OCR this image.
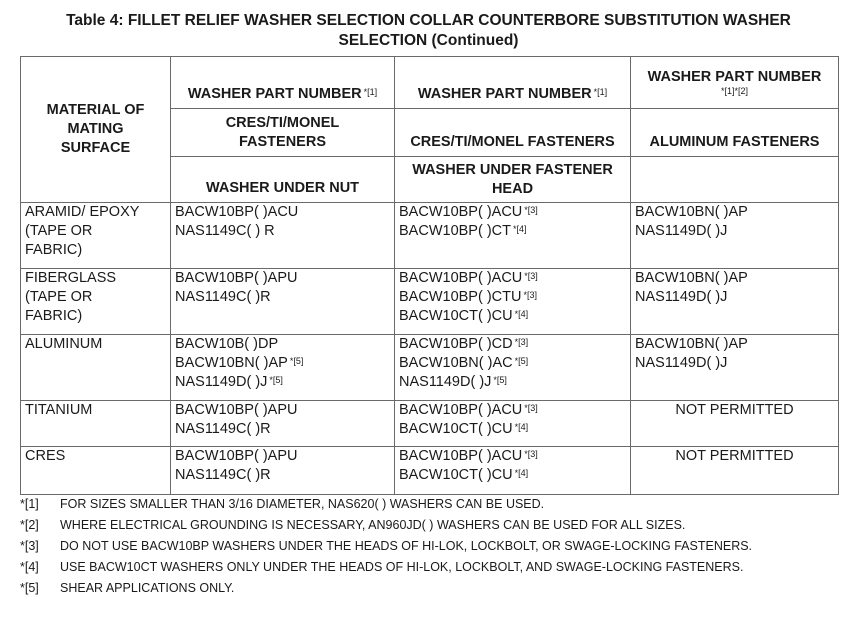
Table 4: FILLET RELIEF WASHER SELECTION COLLAR COUNTERBORE SUBSTITUTION WASHER
SELECTION (Continued)
MATERIAL OF
MATING
SURFACE	WASHER PART NUMBER $^{*[1]}$	WASHER PART NUMBER $^{*[1]}$	WASHER PART NUMBER
*[1]*[2]

	CRES/TI/MONEL
FASTENERS	CRES/TI/MONEL FASTENERS	ALUMINUM FASTENERS
	WASHER UNDER NUT	WASHER UNDER FASTENER
HEAD	

ARAMID/ EPOXY
(TAPE OR
FABRIC)	BACW10BP( )ACU
NAS1149C( ) R	BACW10BP( )ACU $^{*[3]}$
BACW10BP( )CT $^{*[4]}$	BACW10BN( )AP
NAS1149D( )J

FIBERGLASS
(TAPE OR
FABRIC)	BACW10BP( )APU
NAS1149C( )R	BACW10BP( )ACU $^{*[3]}$
BACW10BP( )CTU $^{*[3]}$
BACW10CT( )CU $^{*[4]}$	BACW10BN( )AP
NAS1149D( )J

ALUMINUM	BACW10B( )DP
BACW10BN( )AP $^{*[5]}$
NAS1149D( )J $^{*[5]}$	BACW10BP( )CD $^{*[3]}$
BACW10BN( )AC $^{*[5]}$
NAS1149D( )J $^{*[5]}$	BACW10BN( )AP
NAS1149D( )J

TITANIUM	BACW10BP( )APU
NAS1149C( )R	BACW10BP( )ACU $^{*[3]}$
BACW10CT( )CU $^{*[4]}$	NOT PERMITTED

CRES	BACW10BP( )APU
NAS1149C( )R	BACW10BP( )ACU $^{*[3]}$
BACW10CT( )CU $^{*[4]}$	NOT PERMITTED
*[1]	FOR SIZES SMALLER THAN 3/16 DIAMETER, NAS620( ) WASHERS CAN BE USED.
*[2]	WHERE ELECTRICAL GROUNDING IS NECESSARY, AN960JD( ) WASHERS CAN BE USED FOR ALL SIZES.
*[3]	DO NOT USE BACW10BP WASHERS UNDER THE HEADS OF HI-LOK, LOCKBOLT, OR SWAGE-LOCKING FASTENERS.
*[4]	USE BACW10CT WASHERS ONLY UNDER THE HEADS OF HI-LOK, LOCKBOLT, AND SWAGE-LOCKING FASTENERS.
*[5]	SHEAR APPLICATIONS ONLY.
